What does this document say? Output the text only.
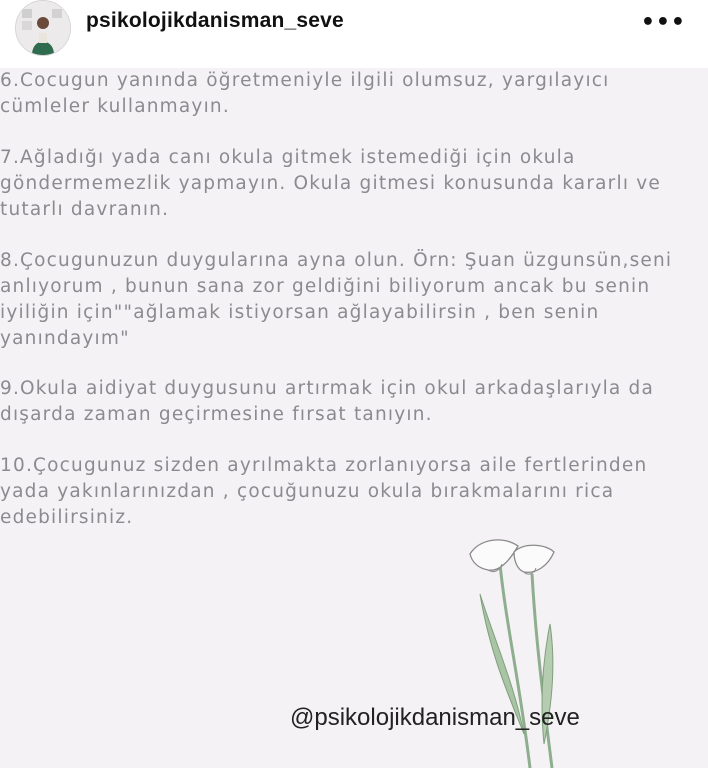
psikolojikdanisman_seve	•••
6.Cocugun yanında öğretmeniyle ilgili olumsuz, yargılayıcı
cümleler kullanmayın.
7.Ağladığı yada canı okula gitmek istemediği için okula
göndermemezlik yapmayın. Okula gitmesi konusunda kararlı ve
tutarlı davranın.
8.Çocugunuzun duygularına ayna olun. Örn: Şuan üzgunsün,seni
anlıyorum , bunun sana zor geldiğini biliyorum ancak bu senin
iyiliğin için""ağlamak istiyorsan ağlayabilirsin , ben senin
yanındayım"
9.Okula aidiyat duygusunu artırmak için okul arkadaşlarıyla da
dışarda zaman geçirmesine fırsat tanıyın.
10.Çocugunuz sizden ayrılmakta zorlanıyorsa aile fertlerinden
yada yakınlarınızdan , çocuğunuzu okula bırakmalarını rica
edebilirsiniz.
@psikolojikdanisman_seve
